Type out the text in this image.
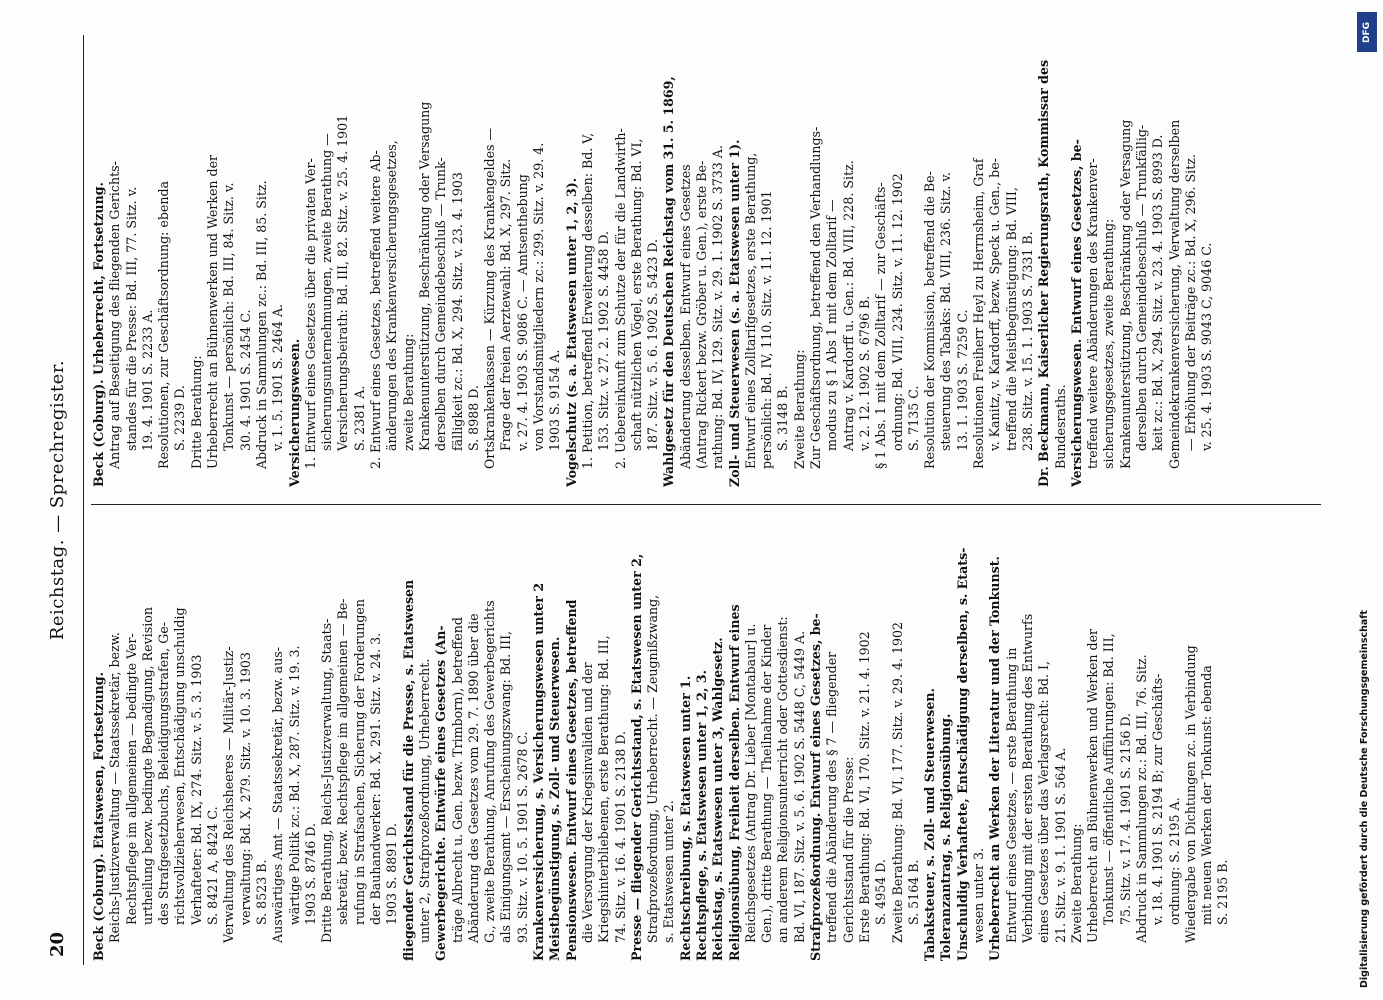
20
Reichstag. — Sprechregister.

Beck (Coburg). Etatswesen, Fortsetzung. Reichs-Justizverwaltung — Staatssekretär, bezw. Rechtspflege im allgemeinen — bedingte Ver- urtheilung bezw. bedingte Begnadigung, Revision des Strafgesetzbuchs, Beleidigungsstrafen, Ge- richtsvollzieherwesen, Entschädigung unschuldig Verhafteter: Bd. IX, 274. Sitz. v. 5. 3. 1903 S. 8421 A, 8424 C. Verwaltung des Reichsheeres — Militär-Justiz- verwaltung: Bd. X, 279. Sitz. v. 10. 3. 1903 S. 8523 B. Auswärtiges Amt — Staatssekretär, bezw. aus- wärtige Politik zc.: Bd. X, 287. Sitz. v. 19. 3. 1903 S. 8746 D. Dritte Berathung, Reichs-Justizverwaltung, Staats- sekretär, bezw. Rechtspflege im allgemeinen — Be- rufung in Strafsachen, Sicherung der Forderungen der Bauhandwerker: Bd. X, 291. Sitz. v. 24. 3. 1903 S. 8891 D. fliegender Gerichtsstand für die Presse, s. Etatswesen unter 2, Strafprozeßordnung, Urheberrecht. Gewerbegerichte. Entwürfe eines Gesetzes (An- träge Albrecht u. Gen. bezw. Trimborn), betreffend Abänderung des Gesetzes vom 29. 7. 1890 über die G., zweite Berathung, Anrufung des Gewerbegerichts als Einigungsamt — Erscheinungszwang: Bd. III, 93. Sitz. v. 10. 5. 1901 S. 2678 C. Krankenversicherung, s. Versicherungswesen unter 2 Meistbegünstigung, s. Zoll- und Steuerwesen. Pensionswesen. Entwurf eines Gesetzes, betreffend die Versorgung der Kriegsinvaliden und der Kriegshinterbliebenen, erste Berathung: Bd. III, 74. Sitz. v. 16. 4. 1901 S. 2138 D. Presse — fliegender Gerichtsstand, s. Etatswesen unter 2, Strafprozeßordnung, Urheberrecht. — Zeugnißzwang, s. Etatswesen unter 2. Rechtschreibung, s. Etatswesen unter 1. Rechtspflege, s. Etatswesen unter 1, 2, 3. Reichstag, s. Etatswesen unter 3, Wahlgesetz. Religionsübung, Freiheit derselben. Entwurf eines Reichsgesetzes (Antrag Dr. Lieber [Montabaur] u. Gen.), dritte Berathung — Theilnahme der Kinder an anderem Religionsunterricht oder Gottesdienst: Bd. VI, 187. Sitz. v. 5. 6. 1902 S. 5448 C, 5449 A. Strafprozeßordnung. Entwurf eines Gesetzes, be- treffend die Abänderung des § 7 — fliegender Gerichtsstand für die Presse: Erste Berathung: Bd. VI, 170. Sitz. v. 21. 4. 1902 S. 4954 D. Zweite Berathung: Bd. VI, 177. Sitz. v. 29. 4. 1902 S. 5164 B. Tabaksteuer, s. Zoll- und Steuerwesen. Toleranzantrag, s. Religionsübung. Unschuldig Verhaftete, Entschädigung derselben, s. Etats- wesen unter 3. Urheberrecht an Werken der Literatur und der Tonkunst. Entwurf eines Gesetzes, — erste Berathung in Verbindung mit der ersten Berathung des Entwurfs eines Gesetzes über das Verlagsrecht: Bd. I, 21. Sitz. v. 9. 1. 1901 S. 564 A. Zweite Berathung: Urheberrecht an Bühnenwerken und Werken der Tonkunst — öffentliche Aufführungen: Bd. III, 75. Sitz. v. 17. 4. 1901 S. 2156 D. Abdruck in Sammlungen zc.: Bd. III, 76. Sitz. v. 18. 4. 1901 S. 2194 B; zur Geschäfts- ordnung: S. 2195 A. Wiedergabe von Dichtungen zc. in Verbindung mit neuen Werken der Tonkunst: ebenda S. 2195 B.

Beck (Coburg). Urheberrecht, Fortsetzung. Antrag auf Beseitigung des fliegenden Gerichts- standes für die Presse: Bd. III, 77. Sitz. v. 19. 4. 1901 S. 2233 A. Resolutionen, zur Geschäftsordnung: ebenda S. 2239 D. Dritte Berathung: Urheberrecht an Bühnenwerken und Werken der Tonkunst — persönlich: Bd. III, 84. Sitz. v. 30. 4. 1901 S. 2454 C. Abdruck in Sammlungen zc.: Bd. III, 85. Sitz. v. 1. 5. 1901 S. 2464 A. Versicherungswesen. 1. Entwurf eines Gesetzes über die privaten Ver- sicherungsunternehmungen, zweite Berathung — Versicherungsbeirath: Bd. III, 82. Sitz. v. 25. 4. 1901 S. 2381 A. 2. Entwurf eines Gesetzes, betreffend weitere Ab- änderungen des Krankenversicherungsgesetzes, zweite Berathung: Krankenunterstützung, Beschränkung oder Versagung derselben durch Gemeindebeschluß — Trunk- fälligkeit zc.: Bd. X, 294. Sitz. v. 23. 4. 1903 S. 8988 D. Ortskrankenkassen — Kürzung des Krankengeldes — Frage der freien Aerztewahl: Bd. X, 297. Sitz. v. 27. 4. 1903 S. 9086 C. — Amtsenthebung von Vorstandsmitgliedern zc.: 299. Sitz. v. 29. 4. 1903 S. 9154 A. Vogelschutz (s. a. Etatswesen unter 1, 2, 3). 1. Petition, betreffend Erweiterung desselben: Bd. V, 153. Sitz. v. 27. 2. 1902 S. 4458 D. 2. Uebereinkunft zum Schutze der für die Landwirth- schaft nützlichen Vögel, erste Berathung: Bd. VI, 187. Sitz. v. 5. 6. 1902 S. 5423 D. Wahlgesetz für den Deutschen Reichstag vom 31. 5. 1869, Abänderung desselben. Entwurf eines Gesetzes (Antrag Rickert bezw. Gröber u. Gen.), erste Be- rathung: Bd. IV, 129. Sitz. v. 29. 1. 1902 S. 3733 A. Zoll- und Steuerwesen (s. a. Etatswesen unter 1). Entwurf eines Zolltarifgesetzes, erste Berathung, persönlich: Bd. IV, 110. Sitz. v. 11. 12. 1901 S. 3148 B. Zweite Berathung: Zur Geschäftsordnung, betreffend den Verhandlungs- modus zu § 1 Abs 1 mit dem Zolltarif — Antrag v. Kardorff u. Gen.: Bd. VIII, 228. Sitz. v. 2. 12. 1902 S. 6796 B. § 1 Abs. 1 mit dem Zolltarif — zur Geschäfts- ordnung: Bd. VIII, 234. Sitz. v. 11. 12. 1902 S. 7135 C. Resolution der Kommission, betreffend die Be- steuerung des Tabaks: Bd. VIII, 236. Sitz. v. 13. 1. 1903 S. 7259 C. Resolutionen Freiherr Heyl zu Herrnsheim, Graf v. Kanitz, v. Kardorff, bezw. Speck u. Gen., be- treffend die Meistbegünstigung: Bd. VIII, 238. Sitz. v. 15. 1. 1903 S. 7331 B. Dr. Beckmann, Kaiserlicher Regierungsrath, Kommissar des Bundesraths. Versicherungswesen. Entwurf eines Gesetzes, be- treffend weitere Abänderungen des Krankenver- sicherungsgesetzes, zweite Berathung: Krankenunterstützung, Beschränkung oder Versagung derselben durch Gemeindebeschluß — Trunkfällig- keit zc.: Bd. X, 294. Sitz. v. 23. 4. 1903 S. 8993 D. Gemeindekrankenversicherung, Verwaltung derselben — Erhöhung der Beiträge zc.: Bd. X, 296. Sitz. v. 25. 4. 1903 S. 9043 C, 9046 C.

DFG
Digitalisierung gefördert durch die Deutsche Forschungsgemeinschaft
